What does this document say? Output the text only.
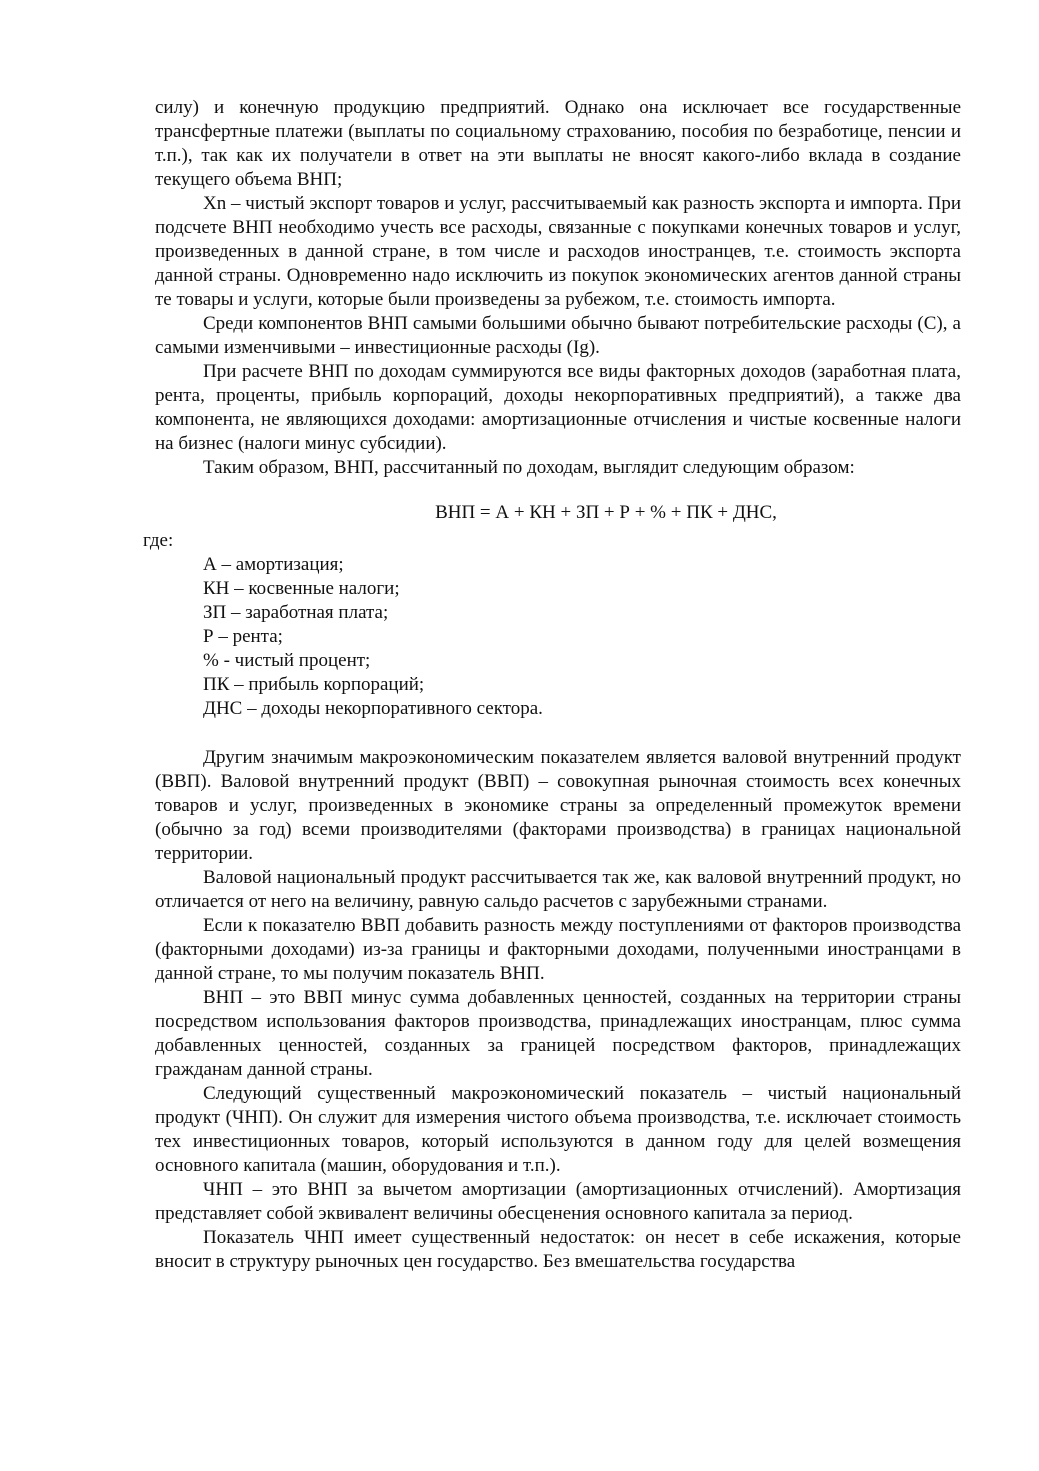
силу) и конечную продукцию предприятий. Однако она исключает все государственные трансфертные платежи (выплаты по социальному страхованию, пособия по безработице, пенсии и т.п.), так как их получатели в ответ на эти выплаты не вносят какого-либо вклада в создание текущего объема ВНП;

Xn – чистый экспорт товаров и услуг, рассчитываемый как разность экспорта и импорта. При подсчете ВНП необходимо учесть все расходы, связанные с покупками конечных товаров и услуг, произведенных в данной стране, в том числе и расходов иностранцев, т.е. стоимость экспорта данной страны. Одновременно надо исключить из покупок экономических агентов данной страны те товары и услуги, которые были произведены за рубежом, т.е. стоимость импорта.

Среди компонентов ВНП самыми большими обычно бывают потребительские расходы (С), а самыми изменчивыми – инвестиционные расходы (Ig).

При расчете ВНП по доходам суммируются все виды факторных доходов (заработная плата, рента, проценты, прибыль корпораций, доходы некорпоративных предприятий), а также два компонента, не являющихся доходами: амортизационные отчисления и чистые косвенные налоги на бизнес (налоги минус субсидии).

Таким образом, ВНП, рассчитанный по доходам, выглядит следующим образом:

ВНП = А + КН + ЗП + Р + % + ПК + ДНС,

где:

А – амортизация;
КН – косвенные налоги;
ЗП – заработная плата;
Р – рента;
% - чистый процент;
ПК – прибыль корпораций;
ДНС – доходы некорпоративного сектора.

Другим значимым макроэкономическим показателем является валовой внутренний продукт (ВВП). Валовой внутренний продукт (ВВП) – совокупная рыночная стоимость всех конечных товаров и услуг, произведенных в экономике страны за определенный промежуток времени (обычно за год) всеми производителями (факторами производства) в границах национальной территории.

Валовой национальный продукт рассчитывается так же, как валовой внутренний продукт, но отличается от него на величину, равную сальдо расчетов с зарубежными странами.

Если к показателю ВВП добавить разность между поступлениями от факторов производства (факторными доходами) из-за границы и факторными доходами, полученными иностранцами в данной стране, то мы получим показатель ВНП.

ВНП – это ВВП минус сумма добавленных ценностей, созданных на территории страны посредством использования факторов производства, принадлежащих иностранцам, плюс сумма добавленных ценностей, созданных за границей посредством факторов, принадлежащих гражданам данной страны.

Следующий существенный макроэкономический показатель – чистый национальный продукт (ЧНП). Он служит для измерения чистого объема производства, т.е. исключает стоимость тех инвестиционных товаров, который используются в данном году для целей возмещения основного капитала (машин, оборудования и т.п.).

ЧНП – это ВНП за вычетом амортизации (амортизационных отчислений). Амортизация представляет собой эквивалент величины обесценения основного капитала за период.

Показатель ЧНП имеет существенный недостаток: он несет в себе искажения, которые вносит в структуру рыночных цен государство. Без вмешательства государства
